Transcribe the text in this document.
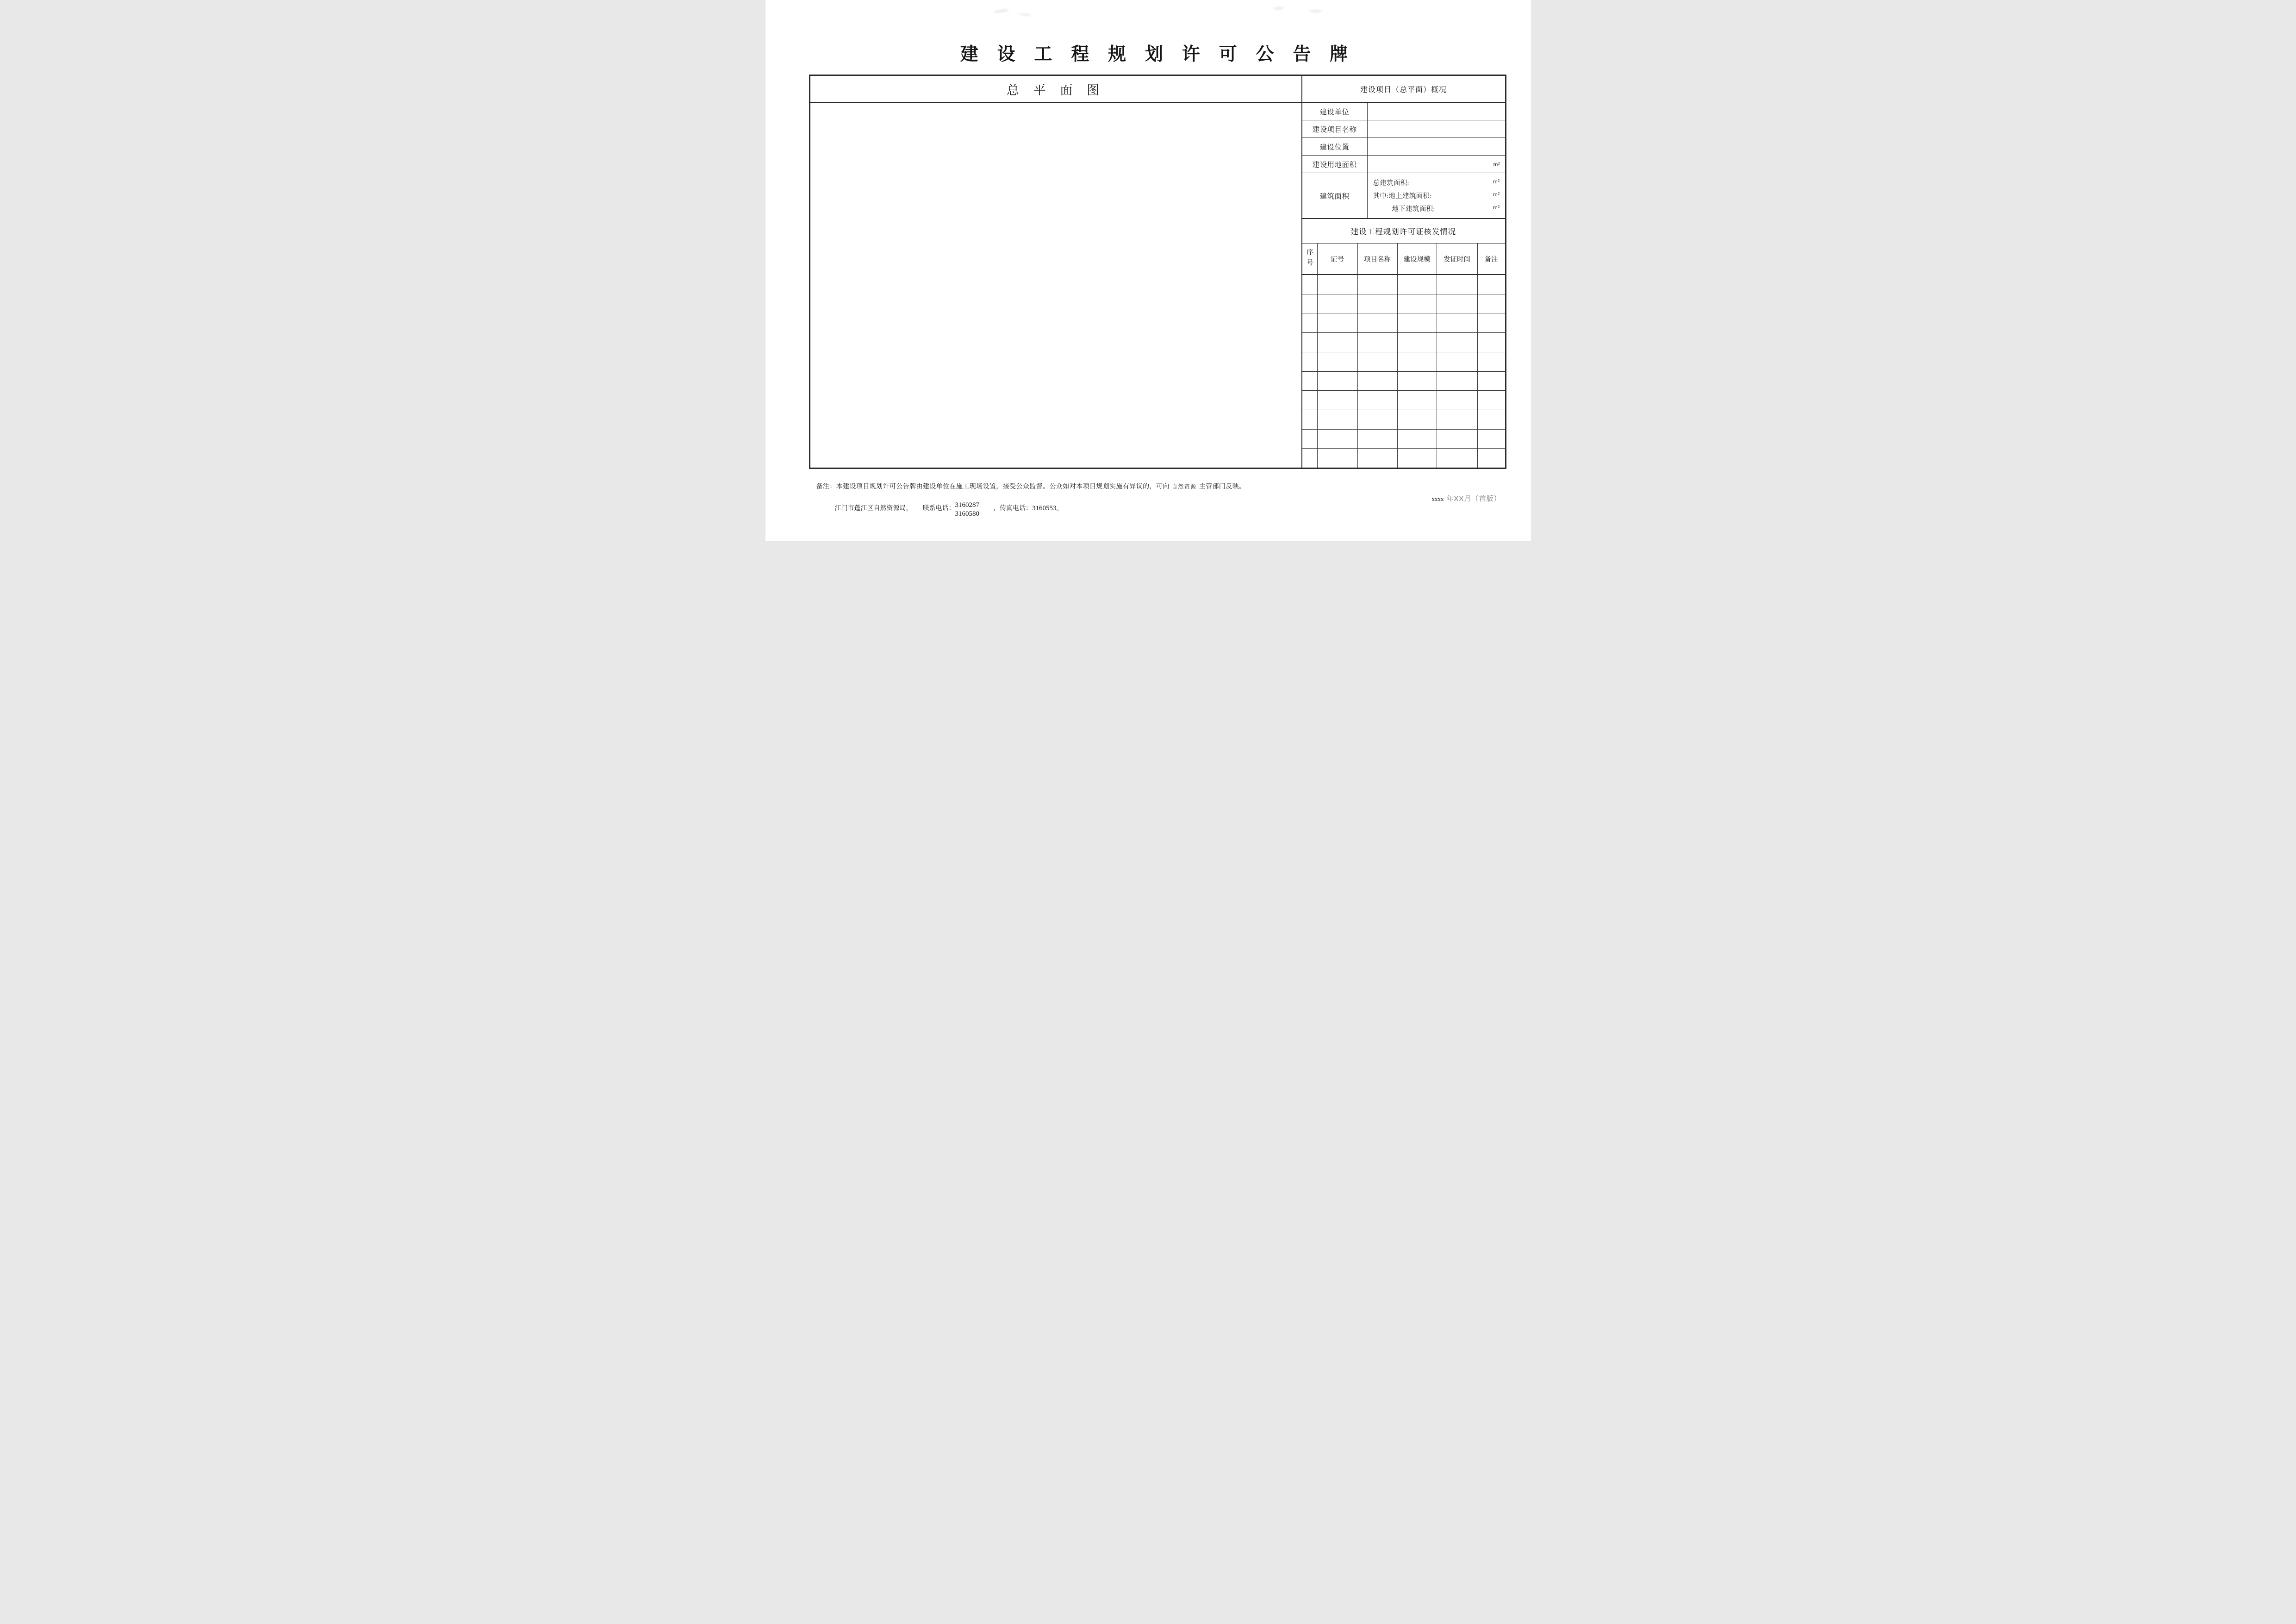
建 设 工 程 规 划 许 可 公 告 牌
总 平 面 图	建设项目（总平面）概况
建设单位
建设项目名称
建设位置
建设用地面积	m²
建筑面积
总建筑面积:	m²
其中:地上建筑面积:	m²
地下建筑面积:	m²
建设工程规划许可证核发情况
序号	证号	项目名称	建设规模	发证时间	备注
备注：本建设项目规划许可公告牌由建设单位在施工现场设置，接受公众监督。公众如对本项目规划实施有异议的，可向 自然资源 主管部门反映。
江门市蓬江区自然资源局， 联系电话： 3160287
3160580
，传真电话：3160553。
xxxx 年XX月（首版）
